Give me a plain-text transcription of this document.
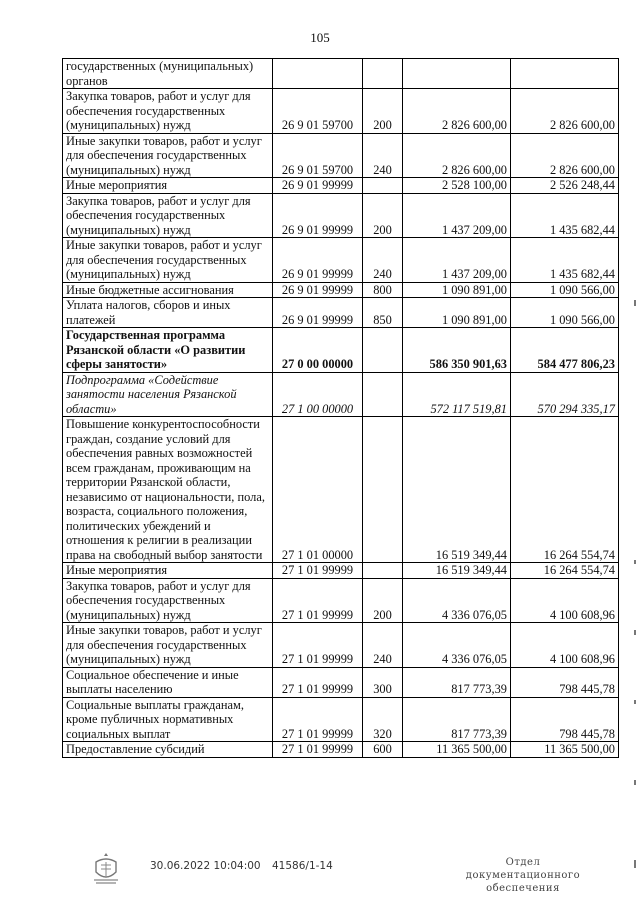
105
государственных (муниципальных) органов				
Закупка товаров, работ и услуг для обеспечения государственных (муниципальных) нужд	26 9 01 59700	200	2 826 600,00	2 826 600,00
Иные закупки товаров, работ и услуг для обеспечения государственных (муниципальных) нужд	26 9 01 59700	240	2 826 600,00	2 826 600,00
Иные мероприятия	26 9 01 99999		2 528 100,00	2 526 248,44
Закупка товаров, работ и услуг для обеспечения государственных (муниципальных) нужд	26 9 01 99999	200	1 437 209,00	1 435 682,44
Иные закупки товаров, работ и услуг для обеспечения государственных (муниципальных) нужд	26 9 01 99999	240	1 437 209,00	1 435 682,44
Иные бюджетные ассигнования	26 9 01 99999	800	1 090 891,00	1 090 566,00
Уплата налогов, сборов и иных платежей	26 9 01 99999	850	1 090 891,00	1 090 566,00
Государственная программа Рязанской области «О развитии сферы занятости»	27 0 00 00000		586 350 901,63	584 477 806,23
Подпрограмма «Содействие занятости населения Рязанской области»	27 1 00 00000		572 117 519,81	570 294 335,17
Повышение конкурентоспособности граждан, создание условий для обеспечения равных возможностей всем гражданам, проживающим на территории Рязанской области, независимо от национальности, пола, возраста, социального положения, политических убеждений и отношения к религии в реализации права на свободный выбор занятости	27 1 01 00000		16 519 349,44	16 264 554,74
Иные мероприятия	27 1 01 99999		16 519 349,44	16 264 554,74
Закупка товаров, работ и услуг для обеспечения государственных (муниципальных) нужд	27 1 01 99999	200	4 336 076,05	4 100 608,96
Иные закупки товаров, работ и услуг для обеспечения государственных (муниципальных) нужд	27 1 01 99999	240	4 336 076,05	4 100 608,96
Социальное обеспечение и иные выплаты населению	27 1 01 99999	300	817 773,39	798 445,78
Социальные выплаты гражданам, кроме публичных нормативных социальных выплат	27 1 01 99999	320	817 773,39	798 445,78
Предоставление субсидий	27 1 01 99999	600	11 365 500,00	11 365 500,00
30.06.2022 10:04:00 41586/1-14	Отдел документационного
обеспечения
